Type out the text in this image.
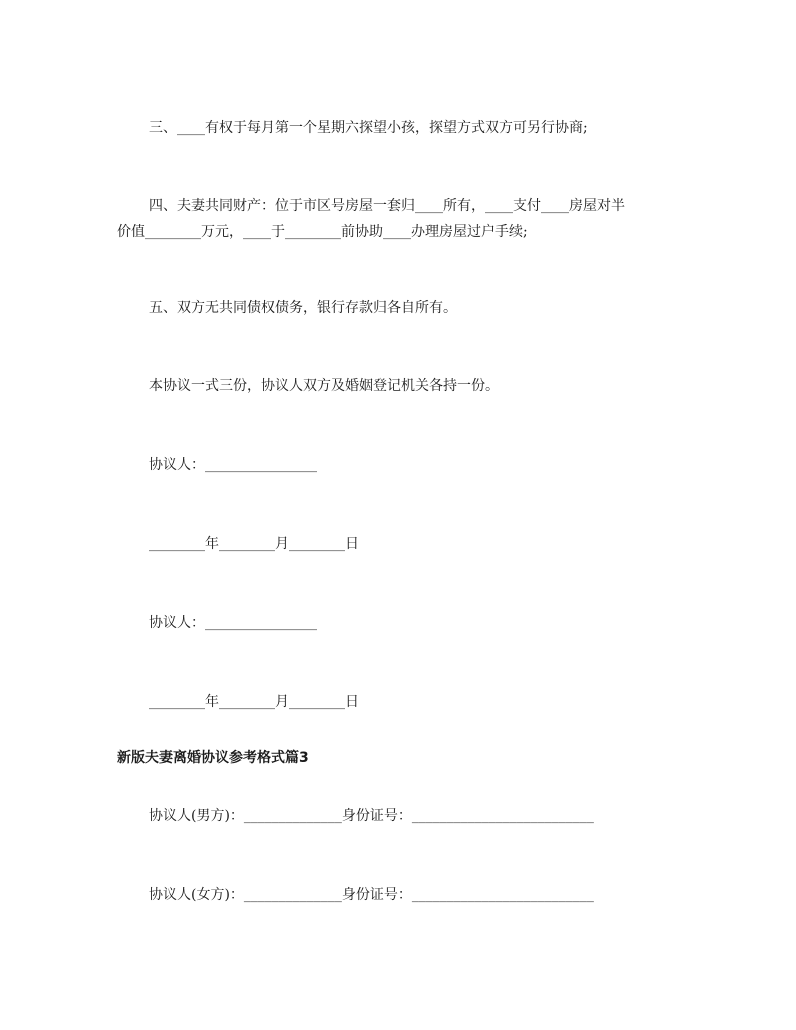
三、____有权于每月第一个星期六探望小孩，探望方式双方可另行协商;

四、夫妻共同财产：位于市区号房屋一套归____所有，____支付____房屋对半
价值________万元，____于________前协助____办理房屋过户手续;

五、双方无共同债权债务，银行存款归各自所有。

本协议一式三份，协议人双方及婚姻登记机关各持一份。

协议人：________________

________年________月________日

协议人：________________

________年________月________日

新版夫妻离婚协议参考格式篇3

协议人(男方)：______________身份证号：__________________________

协议人(女方)：______________身份证号：__________________________
